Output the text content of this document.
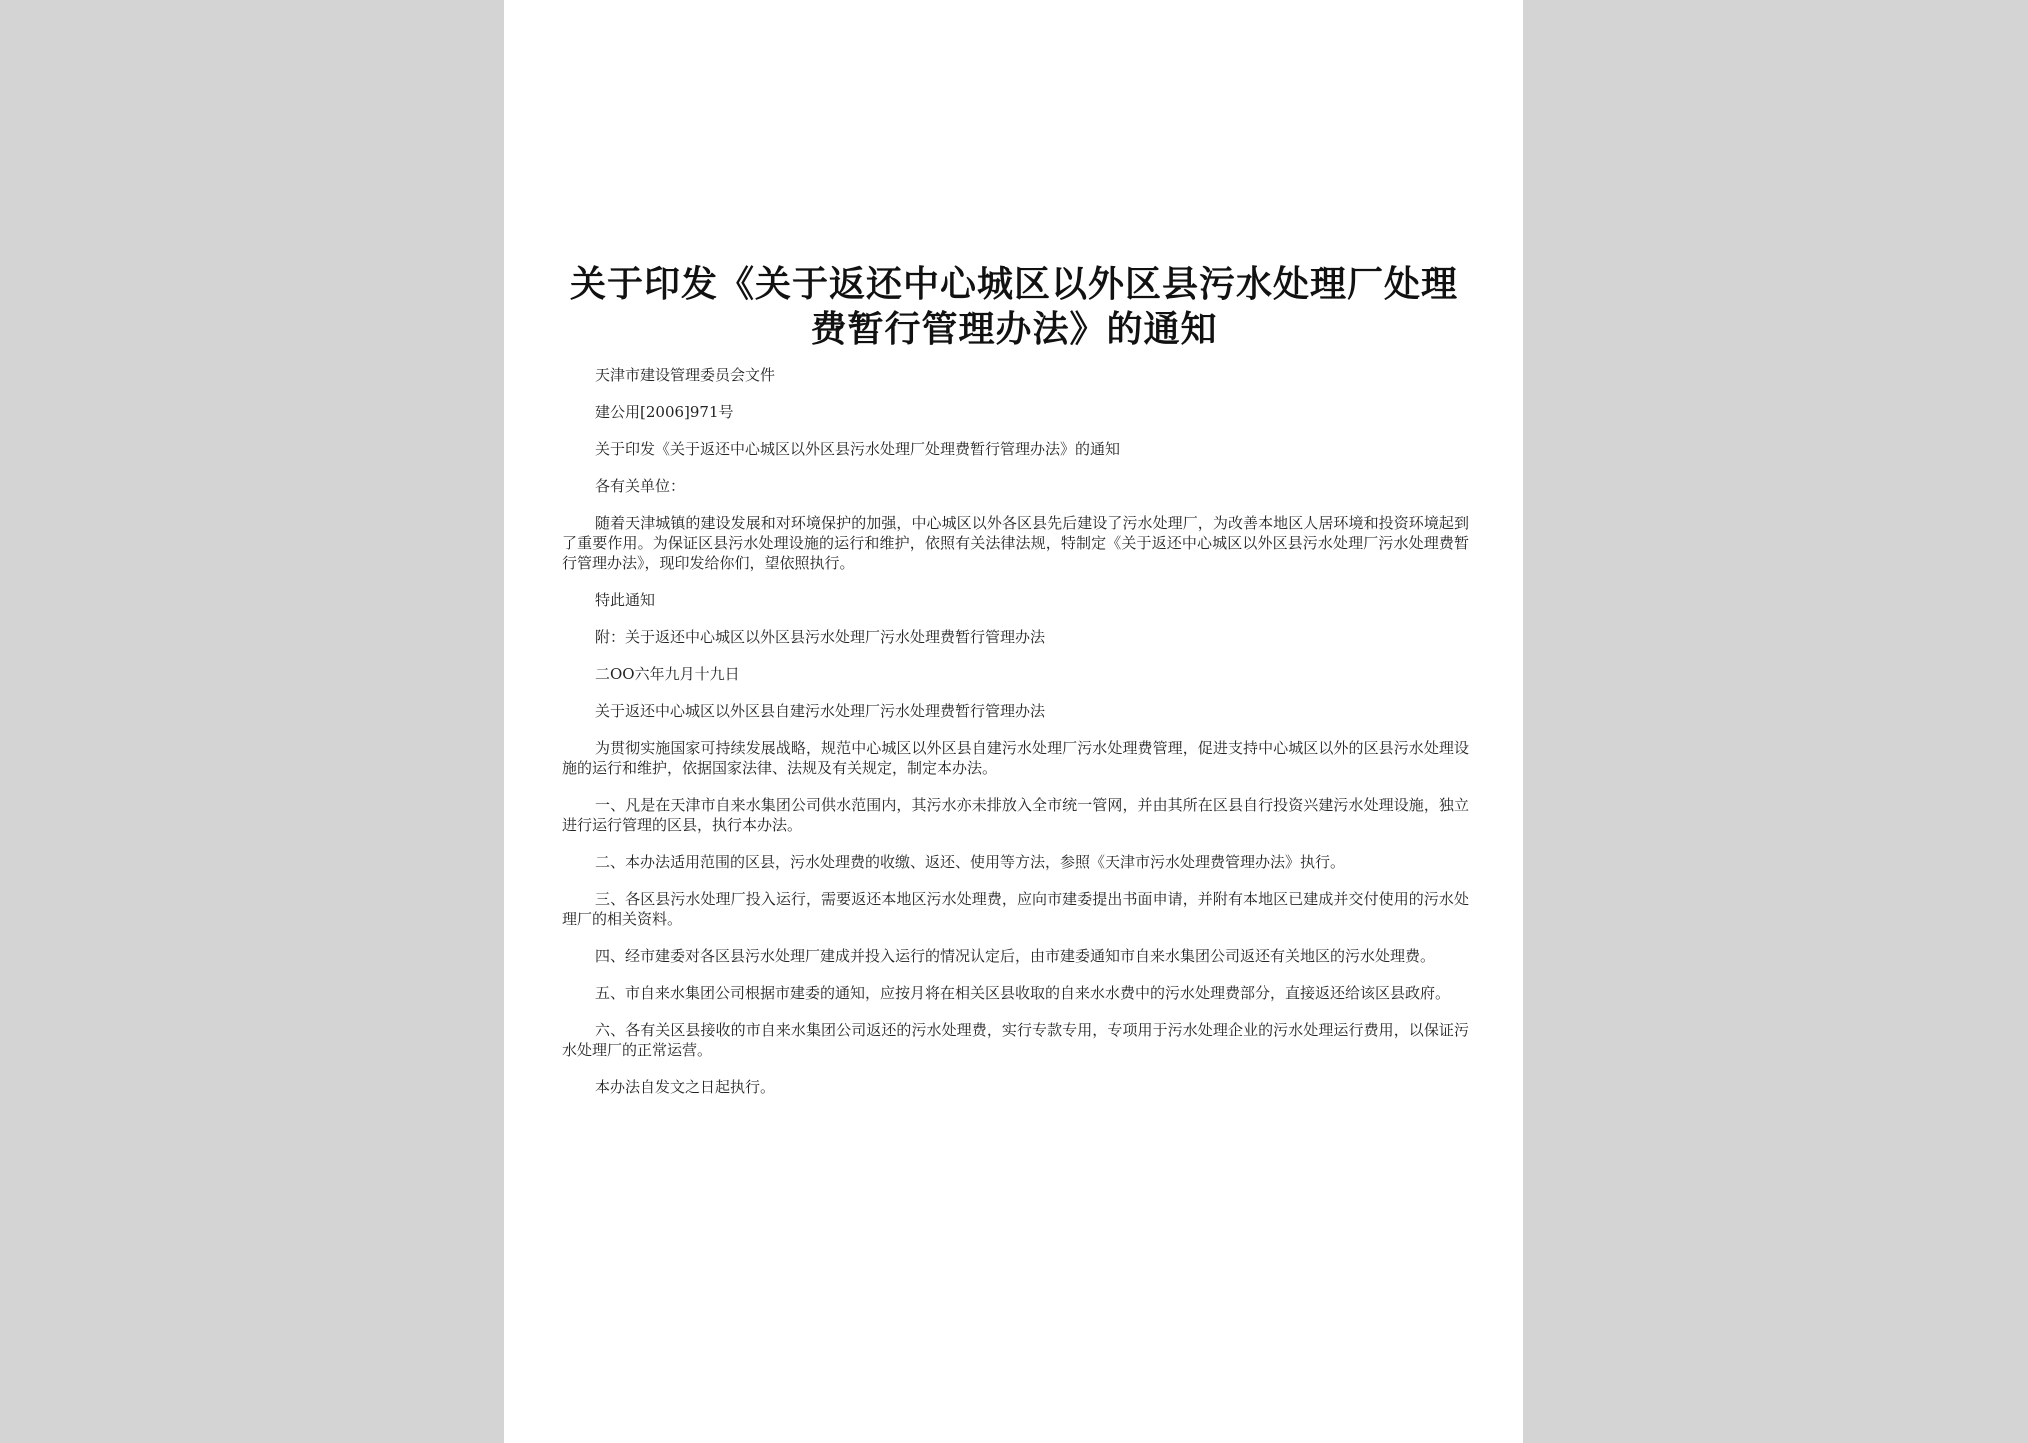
关于印发《关于返还中心城区以外区县污水处理厂处理
费暂行管理办法》的通知

天津市建设管理委员会文件

建公用[2006]971号

关于印发《关于返还中心城区以外区县污水处理厂处理费暂行管理办法》的通知

各有关单位：

随着天津城镇的建设发展和对环境保护的加强，中心城区以外各区县先后建设了污水处理厂，为改善本地区人居环境和投资环境起到了重要作用。为保证区县污水处理设施的运行和维护，依照有关法律法规，特制定《关于返还中心城区以外区县污水处理厂污水处理费暂行管理办法》，现印发给你们，望依照执行。

特此通知

附：关于返还中心城区以外区县污水处理厂污水处理费暂行管理办法

二OO六年九月十九日

关于返还中心城区以外区县自建污水处理厂污水处理费暂行管理办法

为贯彻实施国家可持续发展战略，规范中心城区以外区县自建污水处理厂污水处理费管理，促进支持中心城区以外的区县污水处理设施的运行和维护，依据国家法律、法规及有关规定，制定本办法。

一、凡是在天津市自来水集团公司供水范围内，其污水亦未排放入全市统一管网，并由其所在区县自行投资兴建污水处理设施，独立进行运行管理的区县，执行本办法。

二、本办法适用范围的区县，污水处理费的收缴、返还、使用等方法，参照《天津市污水处理费管理办法》执行。

三、各区县污水处理厂投入运行，需要返还本地区污水处理费，应向市建委提出书面申请，并附有本地区已建成并交付使用的污水处理厂的相关资料。

四、经市建委对各区县污水处理厂建成并投入运行的情况认定后，由市建委通知市自来水集团公司返还有关地区的污水处理费。

五、市自来水集团公司根据市建委的通知，应按月将在相关区县收取的自来水水费中的污水处理费部分，直接返还给该区县政府。

六、各有关区县接收的市自来水集团公司返还的污水处理费，实行专款专用，专项用于污水处理企业的污水处理运行费用，以保证污水处理厂的正常运营。

本办法自发文之日起执行。
